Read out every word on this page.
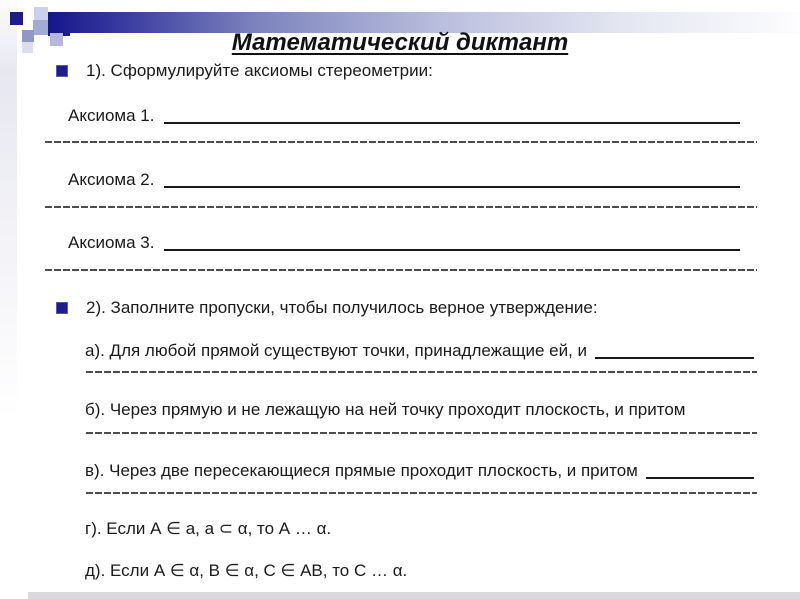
Математический диктант
1). Сформулируйте аксиомы стереометрии:
Аксиома 1.
Аксиома 2.
Аксиома 3.
2). Заполните пропуски, чтобы получилось верное утверждение:
а). Для любой прямой существуют точки, принадлежащие ей, и
б). Через прямую и не лежащую на ней точку проходит плоскость, и притом
в). Через две пересекающиеся прямые проходит плоскость, и притом
г). Если А ∈ а, а ⊂ α, то А … α.
д). Если А ∈ α, В ∈ α, С ∈ АВ, то С … α.
